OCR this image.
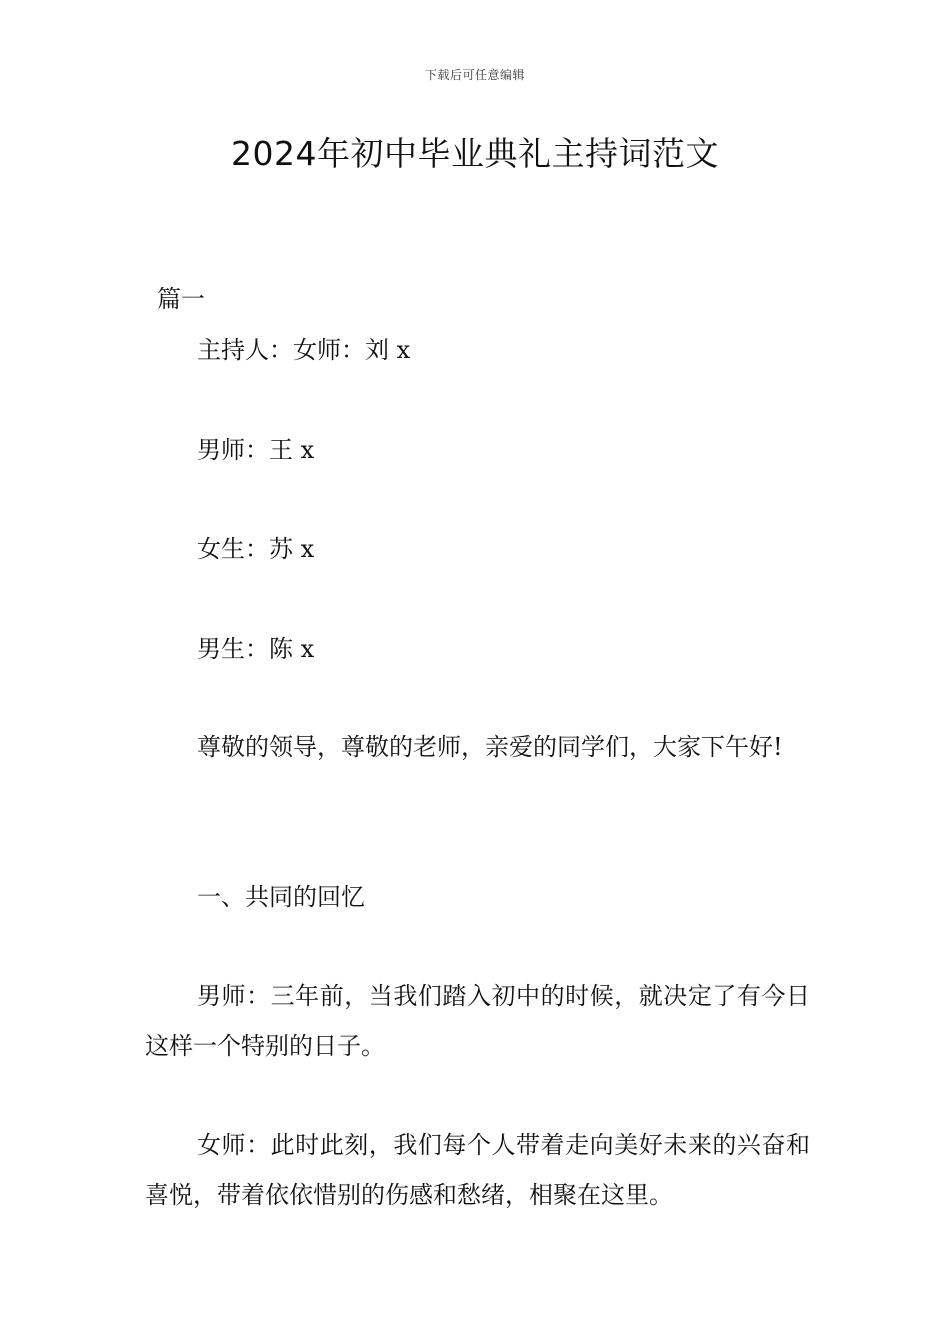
下载后可任意编辑
2024年初中毕业典礼主持词范文
篇一
主持人：女师：刘 x
男师：王 x
女生：苏 x
男生：陈 x
尊敬的领导，尊敬的老师，亲爱的同学们，大家下午好!
一、共同的回忆
男师：三年前，当我们踏入初中的时候，就决定了有今日这样一个特别的日子。
女师：此时此刻，我们每个人带着走向美好未来的兴奋和喜悦，带着依依惜别的伤感和愁绪，相聚在这里。
